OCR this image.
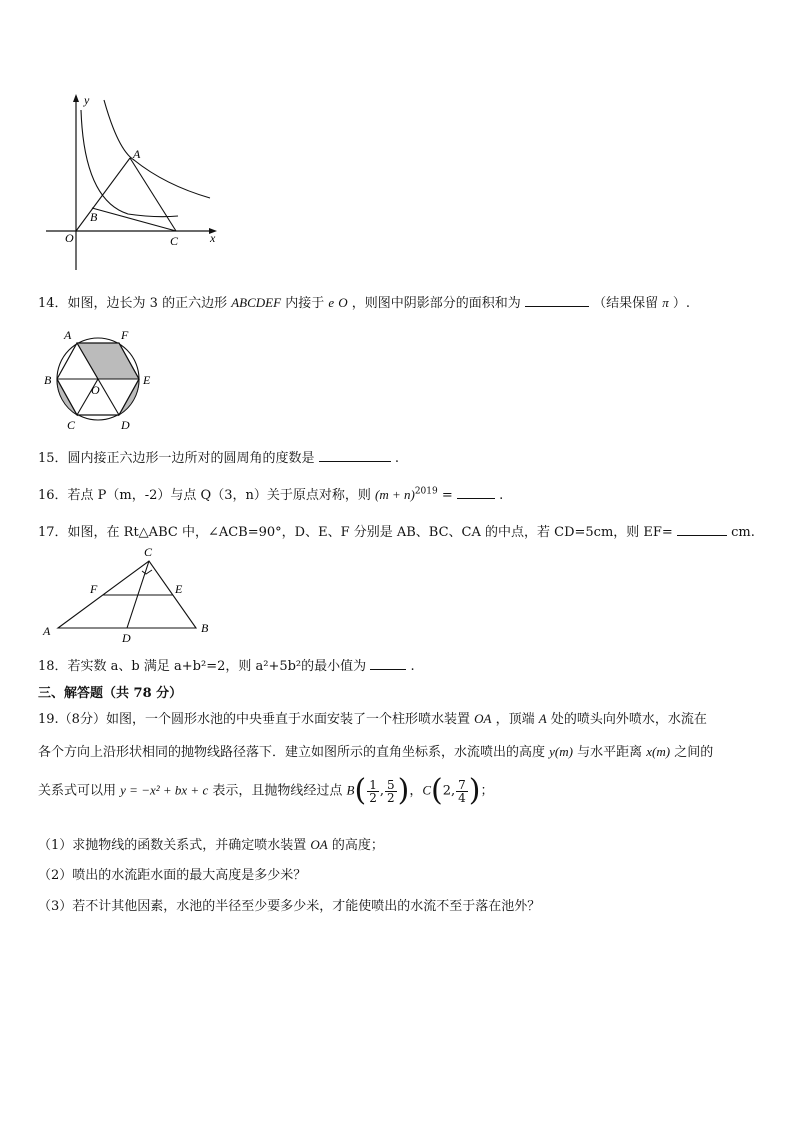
y
A
B
O	C	x
14．如图，边长为 3 的正六边形 ABCDEF 内接于 e O ，则图中阴影部分的面积和为	（结果保留 π ）.
A	F
B
O
E
C	D
15．圆内接正六边形一边所对的圆周角的度数是	.
16．若点 P（m，-2）与点 Q（3，n）关于原点对称，则 $(m + n)^{2019}$ =	.
17．如图，在 Rt△ABC 中，∠ACB=90°，D、E、F 分别是 AB、BC、CA 的中点，若 CD=5cm，则 EF=	cm.
C
F	E
A	D
B
18．若实数 a、b 满足 a+b²=2，则 a²+5b²的最小值为	.
三、解答题（共 78 分）
19.（8分）如图，一个圆形水池的中央垂直于水面安装了一个柱形喷水装置 OA ，顶端 A 处的喷头向外喷水，水流在
各个方向上沿形状相同的抛物线路径落下．建立如图所示的直角坐标系，水流喷出的高度 y(m) 与水平距离 x(m) 之间的
关系式可以用 y = −x² + bx + c 表示，且抛物线经过点 $B( \frac{1}{2}$ , $\frac{5}{2}$ )，C(2, $\frac{7}{4}$ )；
（1）求抛物线的函数关系式，并确定喷水装置 OA 的高度；
（2）喷出的水流距水面的最大高度是多少米？
（3）若不计其他因素，水池的半径至少要多少米，才能使喷出的水流不至于落在池外？
